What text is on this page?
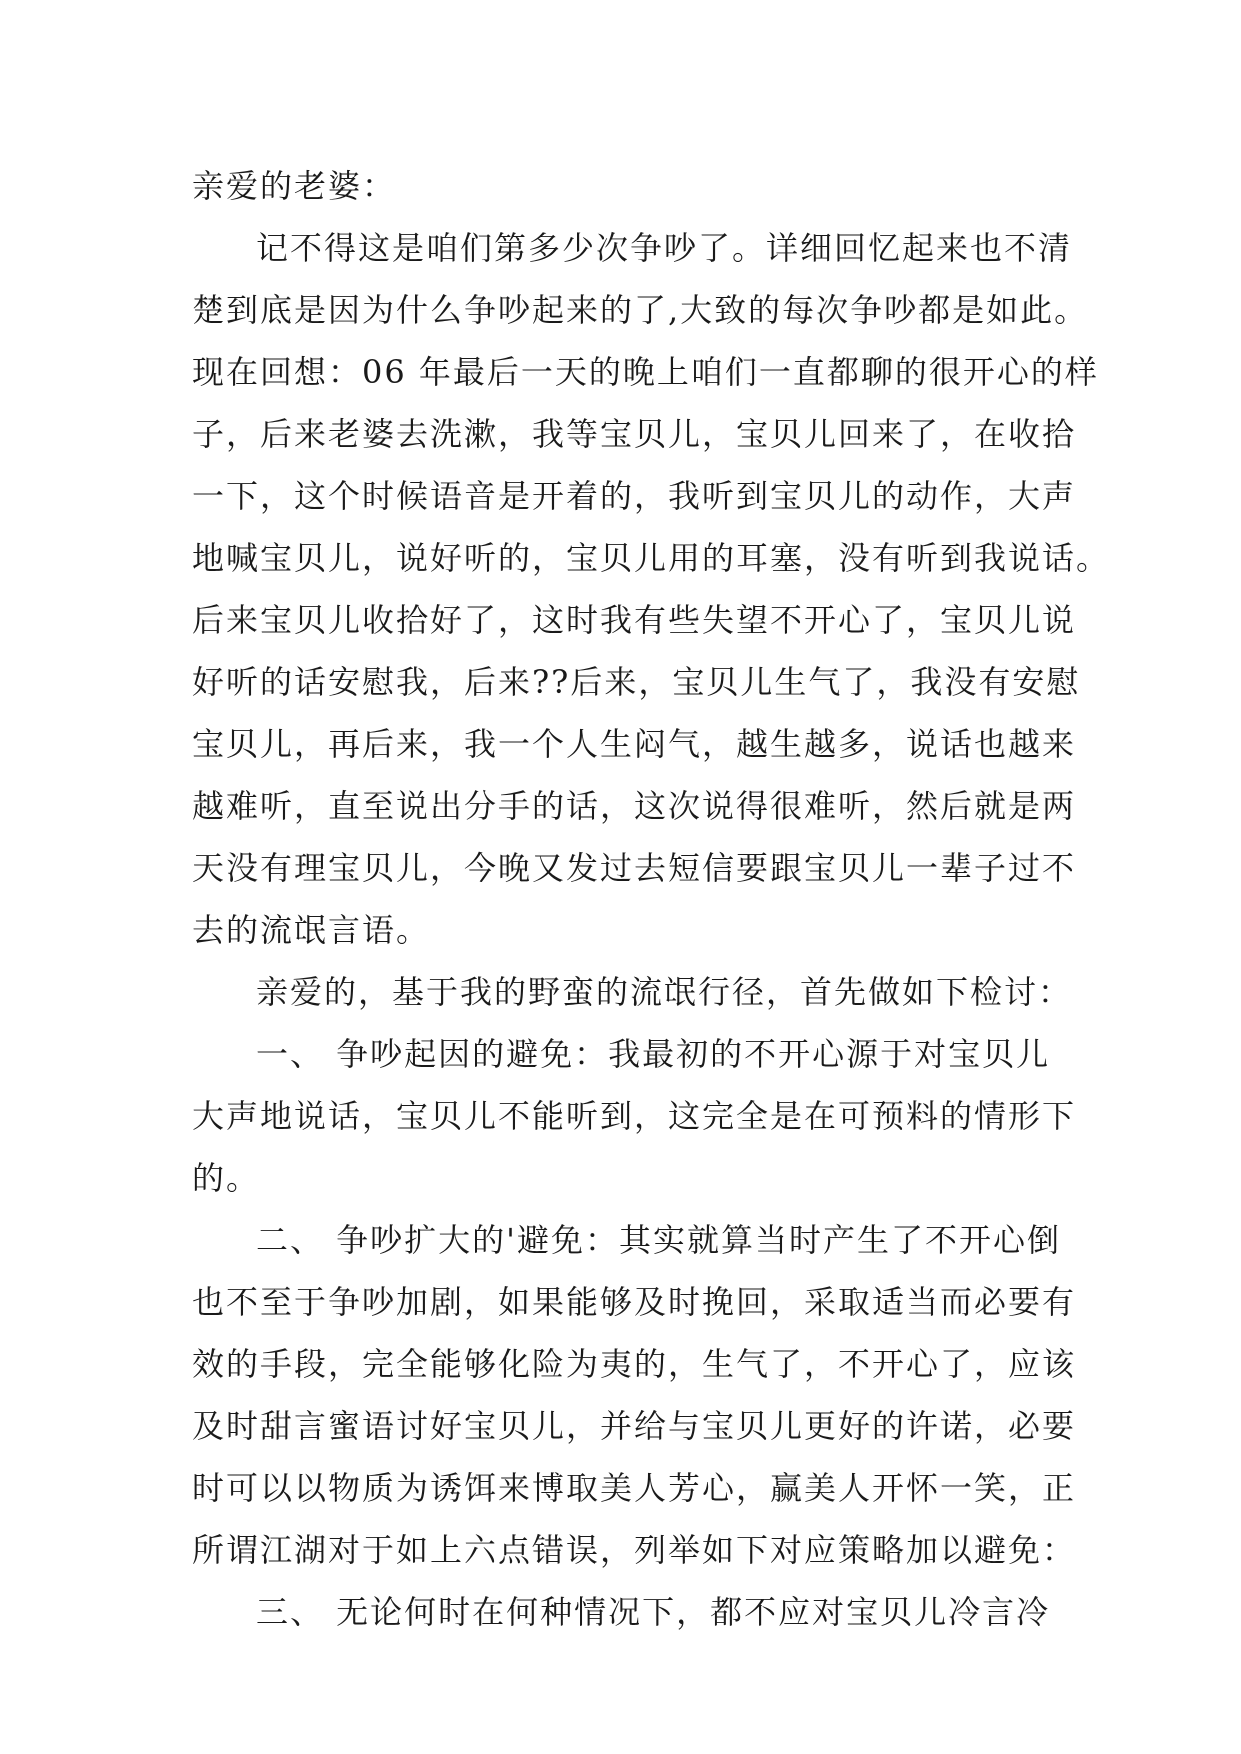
亲爱的老婆：
记不得这是咱们第多少次争吵了。详细回忆起来也不清
楚到底是因为什么争吵起来的了,大致的每次争吵都是如此。
现在回想：06 年最后一天的晚上咱们一直都聊的很开心的样
子，后来老婆去洗漱，我等宝贝儿，宝贝儿回来了，在收拾
一下，这个时候语音是开着的，我听到宝贝儿的动作，大声
地喊宝贝儿，说好听的，宝贝儿用的耳塞，没有听到我说话。
后来宝贝儿收拾好了，这时我有些失望不开心了，宝贝儿说
好听的话安慰我，后来??后来，宝贝儿生气了，我没有安慰
宝贝儿，再后来，我一个人生闷气，越生越多，说话也越来
越难听，直至说出分手的话，这次说得很难听，然后就是两
天没有理宝贝儿，今晚又发过去短信要跟宝贝儿一辈子过不
去的流氓言语。
亲爱的，基于我的野蛮的流氓行径，首先做如下检讨：
一、 争吵起因的避免：我最初的不开心源于对宝贝儿
大声地说话，宝贝儿不能听到，这完全是在可预料的情形下
的。
二、 争吵扩大的'避免：其实就算当时产生了不开心倒
也不至于争吵加剧，如果能够及时挽回，采取适当而必要有
效的手段，完全能够化险为夷的，生气了，不开心了，应该
及时甜言蜜语讨好宝贝儿，并给与宝贝儿更好的许诺，必要
时可以以物质为诱饵来博取美人芳心，赢美人开怀一笑，正
所谓江湖对于如上六点错误，列举如下对应策略加以避免：
三、 无论何时在何种情况下，都不应对宝贝儿冷言冷
